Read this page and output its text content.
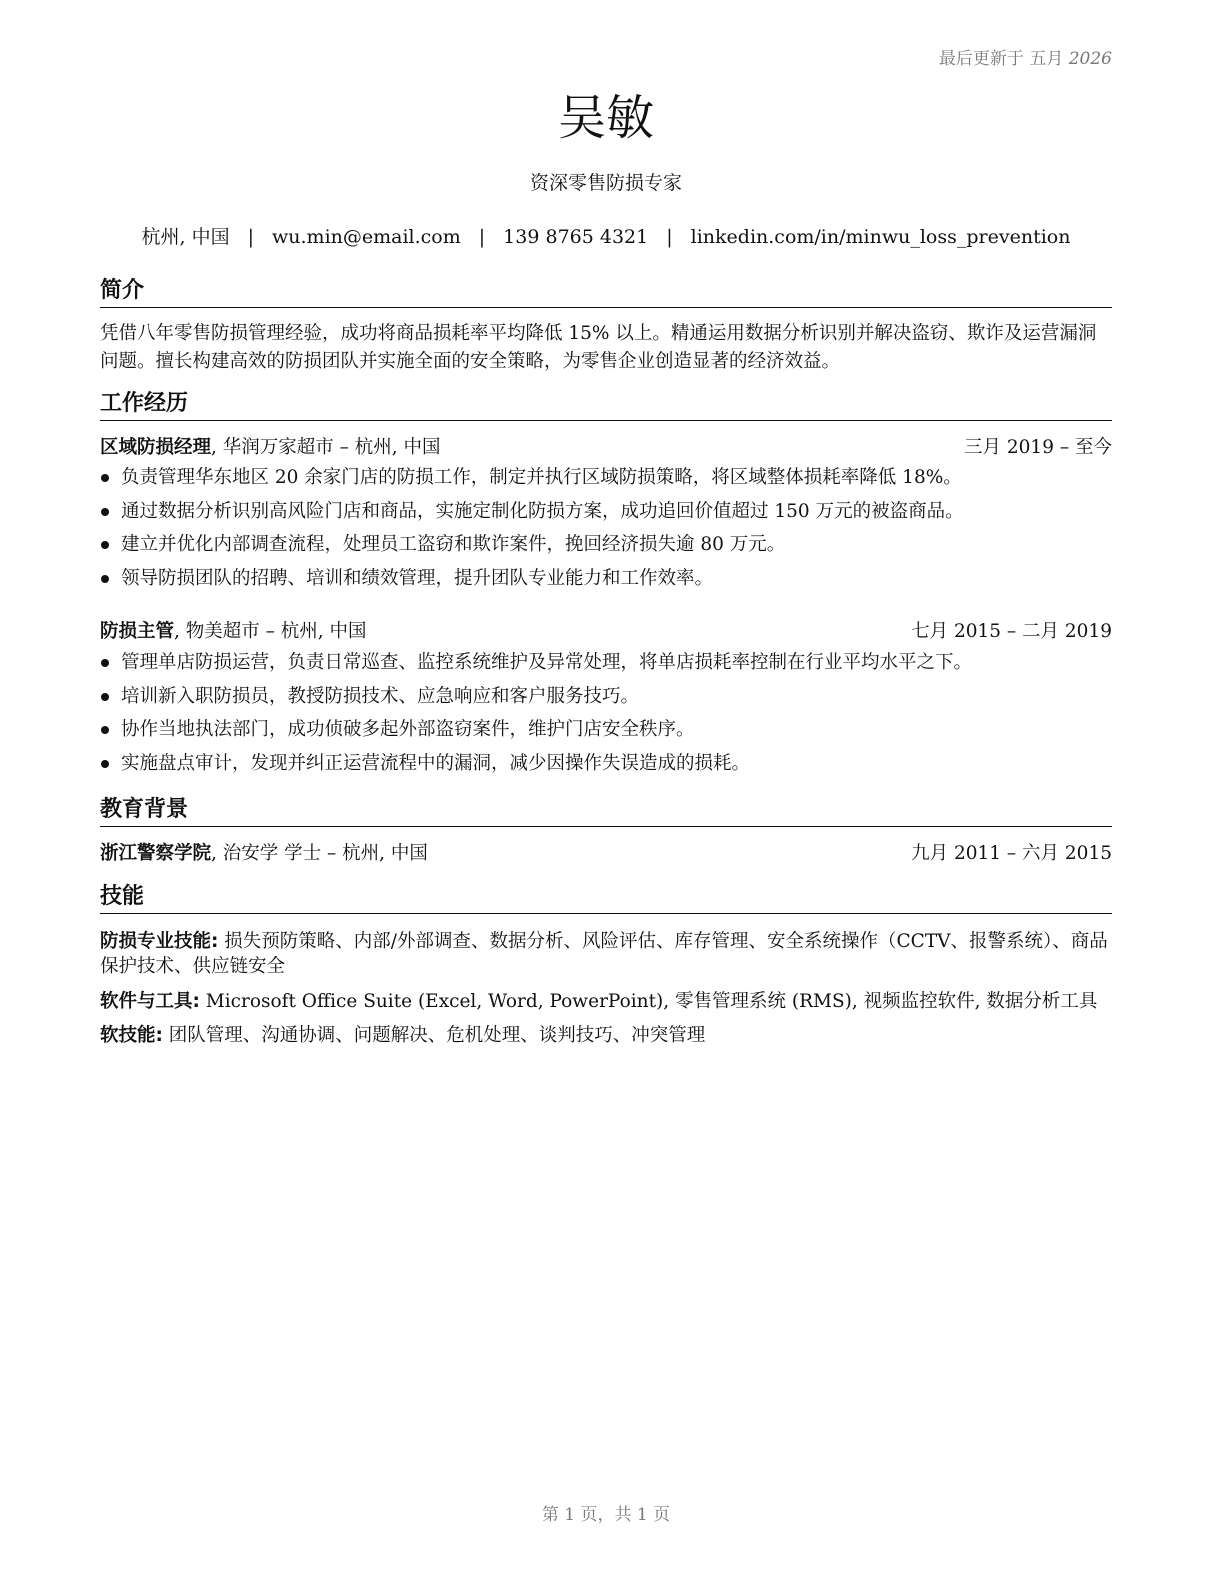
最后更新于 五月 2026
吴敏
资深零售防损专家
杭州, 中国 | wu.min@email.com | 139 8765 4321 | linkedin.com/in/minwu_loss_prevention
简介
凭借八年零售防损管理经验，成功将商品损耗率平均降低 15% 以上。精通运用数据分析识别并解决盗窃、欺诈及运营漏洞问题。擅长构建高效的防损团队并实施全面的安全策略，为零售企业创造显著的经济效益。
工作经历
区域防损经理, 华润万家超市 – 杭州, 中国	三月 2019 – 至今
负责管理华东地区 20 余家门店的防损工作，制定并执行区域防损策略，将区域整体损耗率降低 18%。
通过数据分析识别高风险门店和商品，实施定制化防损方案，成功追回价值超过 150 万元的被盗商品。
建立并优化内部调查流程，处理员工盗窃和欺诈案件，挽回经济损失逾 80 万元。
领导防损团队的招聘、培训和绩效管理，提升团队专业能力和工作效率。
防损主管, 物美超市 – 杭州, 中国	七月 2015 – 二月 2019
管理单店防损运营，负责日常巡查、监控系统维护及异常处理，将单店损耗率控制在行业平均水平之下。
培训新入职防损员，教授防损技术、应急响应和客户服务技巧。
协作当地执法部门，成功侦破多起外部盗窃案件，维护门店安全秩序。
实施盘点审计，发现并纠正运营流程中的漏洞，减少因操作失误造成的损耗。
教育背景
浙江警察学院, 治安学 学士 – 杭州, 中国	九月 2011 – 六月 2015
技能
防损专业技能: 损失预防策略、内部/外部调查、数据分析、风险评估、库存管理、安全系统操作（CCTV、报警系统）、商品保护技术、供应链安全
软件与工具: Microsoft Office Suite (Excel, Word, PowerPoint), 零售管理系统 (RMS), 视频监控软件, 数据分析工具
软技能: 团队管理、沟通协调、问题解决、危机处理、谈判技巧、冲突管理
第 1 页，共 1 页
